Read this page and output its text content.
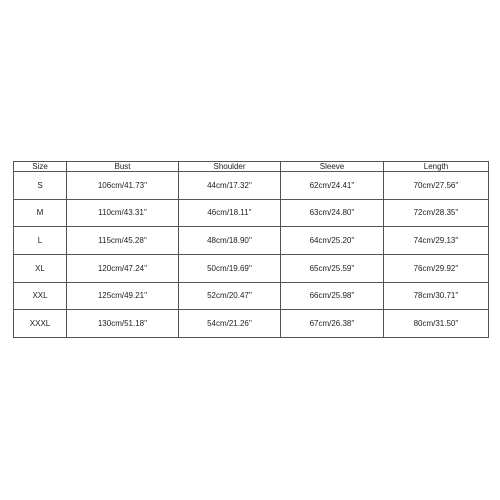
Size	Bust	Shoulder	Sleeve	Length
S	106cm/41.73''	44cm/17.32''	62cm/24.41''	70cm/27.56''
M	110cm/43.31''	46cm/18.11''	63cm/24.80''	72cm/28.35''
L	115cm/45.28''	48cm/18.90''	64cm/25.20''	74cm/29.13''
XL	120cm/47.24''	50cm/19.69''	65cm/25.59''	76cm/29.92''
XXL	125cm/49.21''	52cm/20.47''	66cm/25.98''	78cm/30.71''
XXXL	130cm/51.18''	54cm/21.26''	67cm/26.38''	80cm/31.50''
